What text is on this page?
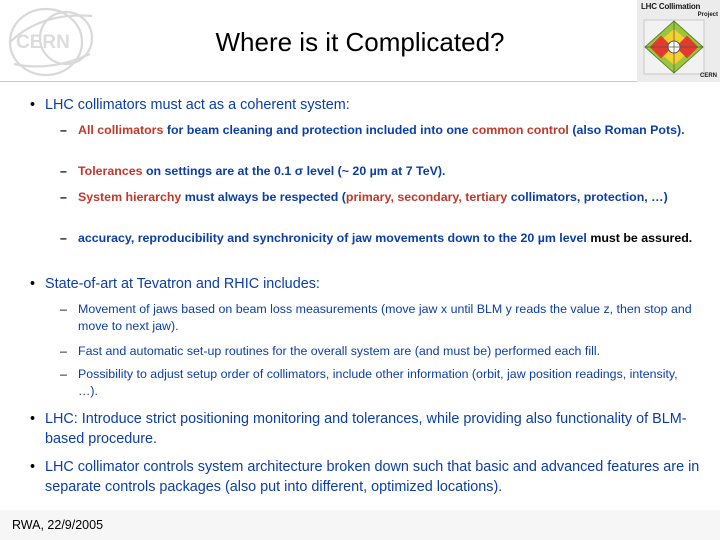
CERN	Where is it Complicated?
LHC Collimation
Project
CERN
• LHC collimators must act as a coherent system:
– All collimators for beam cleaning and protection included into one common control (also Roman Pots).
– Tolerances on settings are at the 0.1 σ level (~ 20 µm at 7 TeV).
– System hierarchy must always be respected (primary, secondary, tertiary collimators, protection, …)
– accuracy, reproducibility and synchronicity of jaw movements down to the 20 µm level must be assured.
• State-of-art at Tevatron and RHIC includes:
– Movement of jaws based on beam loss measurements (move jaw x until BLM y reads the value z, then stop and move to next jaw).
– Fast and automatic set-up routines for the overall system are (and must be) performed each fill.
– Possibility to adjust setup order of collimators, include other information (orbit, jaw position readings, intensity, …).
• LHC: Introduce strict positioning monitoring and tolerances, while providing also functionality of BLM-based procedure.
• LHC collimator controls system architecture broken down such that basic and advanced features are in separate controls packages (also put into different, optimized locations).
RWA, 22/9/2005
